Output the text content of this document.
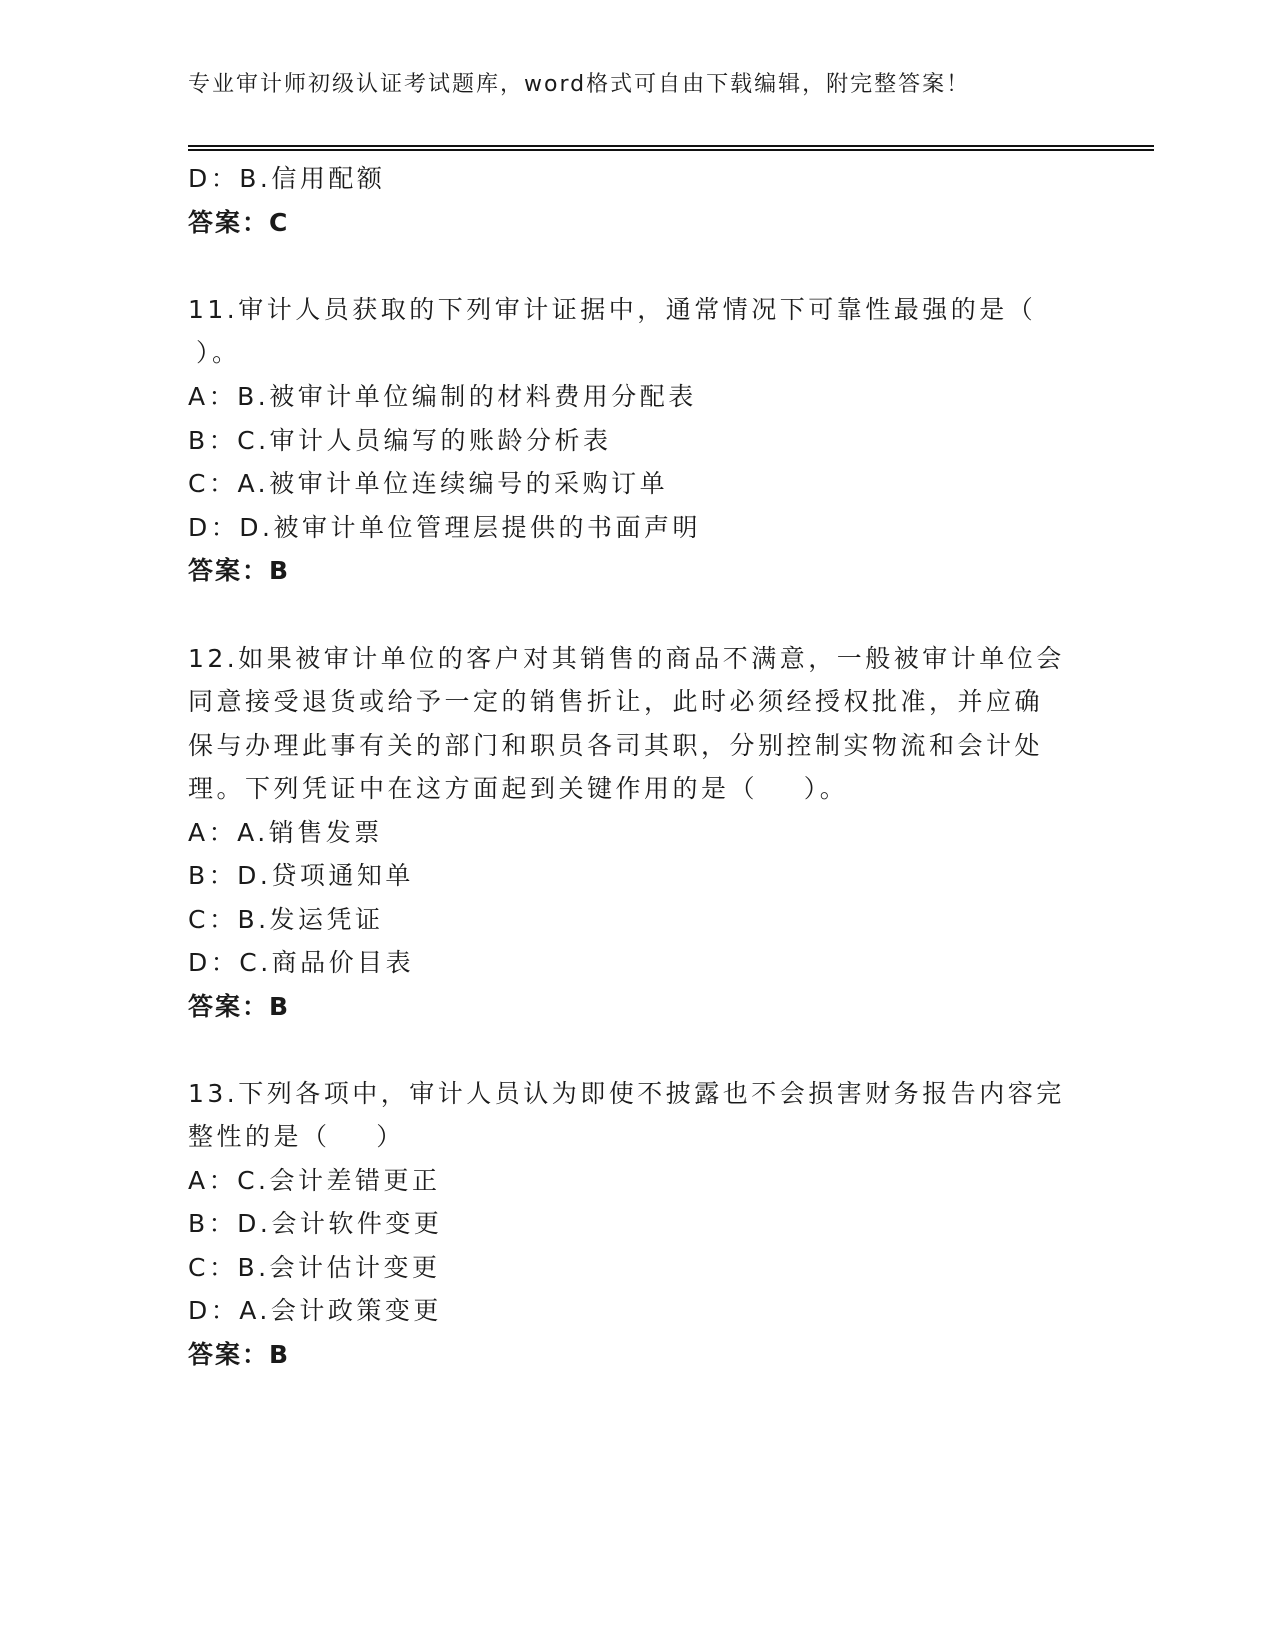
专业审计师初级认证考试题库，word格式可自由下载编辑，附完整答案！
D：B.信用配额
答案：C
11.审计人员获取的下列审计证据中，通常情况下可靠性最强的是（
）。
A：B.被审计单位编制的材料费用分配表
B：C.审计人员编写的账龄分析表
C：A.被审计单位连续编号的采购订单
D：D.被审计单位管理层提供的书面声明
答案：B
12.如果被审计单位的客户对其销售的商品不满意，一般被审计单位会
同意接受退货或给予一定的销售折让，此时必须经授权批准，并应确
保与办理此事有关的部门和职员各司其职，分别控制实物流和会计处
理。下列凭证中在这方面起到关键作用的是（    ）。
A：A.销售发票
B：D.贷项通知单
C：B.发运凭证
D：C.商品价目表
答案：B
13.下列各项中，审计人员认为即使不披露也不会损害财务报告内容完
整性的是（    ）
A：C.会计差错更正
B：D.会计软件变更
C：B.会计估计变更
D：A.会计政策变更
答案：B
